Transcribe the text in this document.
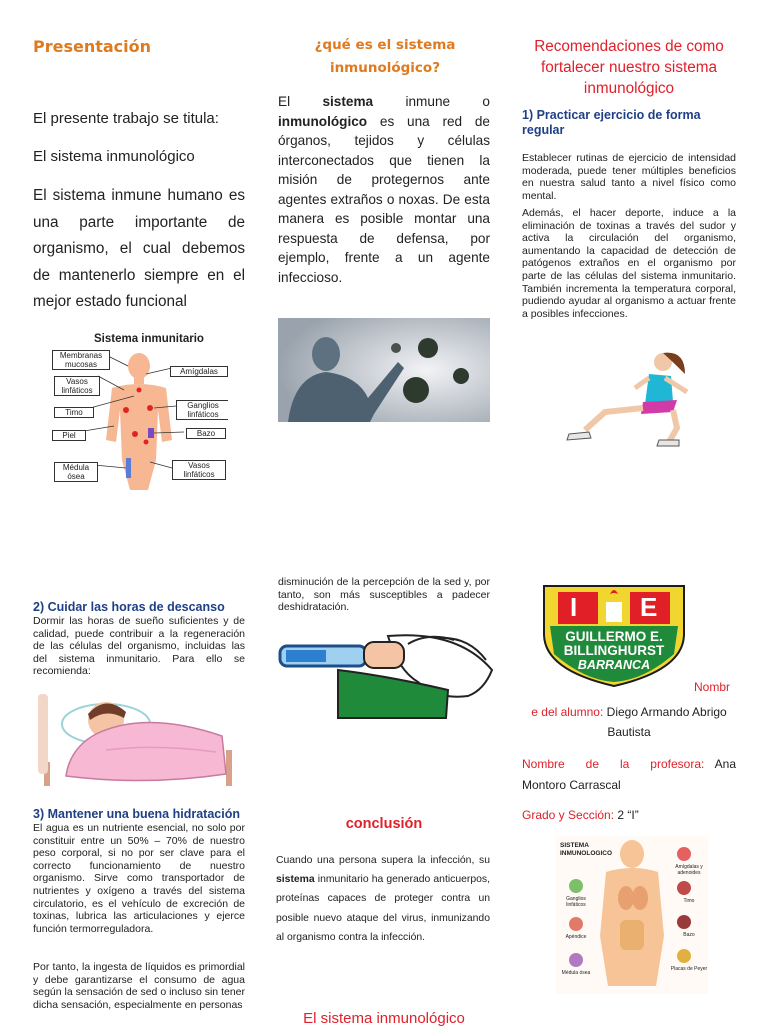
Presentación
El presente trabajo se titula:
El sistema inmunológico
El sistema inmune humano es una parte importante de organismo, el cual debemos de mantenerlo siempre en el mejor estado funcional
Sistema inmunitario
Membranas mucosas
Vasos linfáticos
Timo
Piel
Médula ósea
Amígdalas
Ganglios linfáticos
Bazo
Vasos linfáticos
2) Cuidar las horas de descanso
Dormir las horas de sueño suficientes y de calidad, puede contribuir a la regeneración de las células del organismo, incluidas las del sistema inmunitario. Para ello se recomienda:
3) Mantener una buena hidratación
El agua es un nutriente esencial, no solo por constituir entre un 50% – 70% de nuestro peso corporal, si no por ser clave para el correcto funcionamiento de nuestro organismo. Sirve como transportador de nutrientes y oxígeno a través del sistema circulatorio, es el vehículo de excreción de toxinas, lubrica las articulaciones y ejerce función termorreguladora.
Por tanto, la ingesta de líquidos es primordial y debe garantizarse el consumo de agua según la sensación de sed o incluso sin tener dicha sensación, especialmente en personas
¿qué es el sistema inmunológico?
El sistema inmune o inmunológico es una red de órganos, tejidos y células interconectados que tienen la misión de protegernos ante agentes extraños o noxas. De esta manera es posible montar una respuesta de defensa, por ejemplo, frente a un agente infeccioso.
disminución de la percepción de la sed y, por tanto, son más susceptibles a padecer deshidratación.
conclusión
Cuando una persona supera la infección, su sistema inmunitario ha generado anticuerpos, proteínas capaces de proteger contra un posible nuevo ataque del virus, inmunizando al organismo contra la infección.
El sistema inmunológico
Recomendaciones de como fortalecer nuestro sistema inmunológico
1) Practicar ejercicio de forma regular
Establecer rutinas de ejercicio de intensidad moderada, puede tener múltiples beneficios en nuestra salud tanto a nivel físico como mental.
Además, el hacer deporte, induce a la eliminación de toxinas a través del sudor y activa la circulación del organismo, aumentando la capacidad de detección de patógenos extraños en el organismo por parte de las células del sistema inmunitario. También incrementa la temperatura corporal, pudiendo ayudar al organismo a actuar frente a posibles infecciones.
I E
GUILLERMO E.
BILLINGHURST
BARRANCA
Nombr
e del alumno: Diego Armando Abrigo Bautista
Nombre de la profesora: Ana Montoro Carrascal
Grado y Sección: 2 “I”
SISTEMA INMUNOLOGICO
Amígdalas y adenoides
Ganglios linfáticos
Timo
Apéndice	Bazo
Médula ósea
Placas de Peyer
